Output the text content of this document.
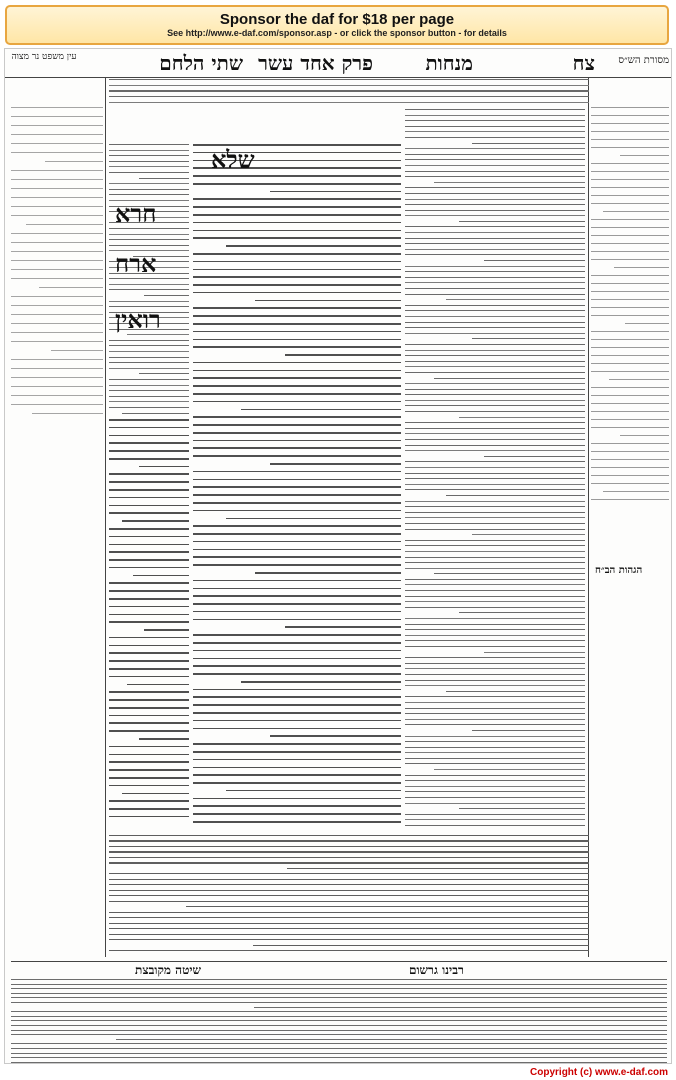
Sponsor the daf for $18 per page
See http://www.e-daf.com/sponsor.asp - or click the sponsor button - for details
מסורת הש״ס
צח
מנחות
פרק אחד עשר
שתי הלחם
עין משפט נר מצוה
שלא
חרא
ארח
רואין
הגהות הב״ח
רבינו גרשום
שיטה מקובצת
Copyright (c) www.e-daf.com
